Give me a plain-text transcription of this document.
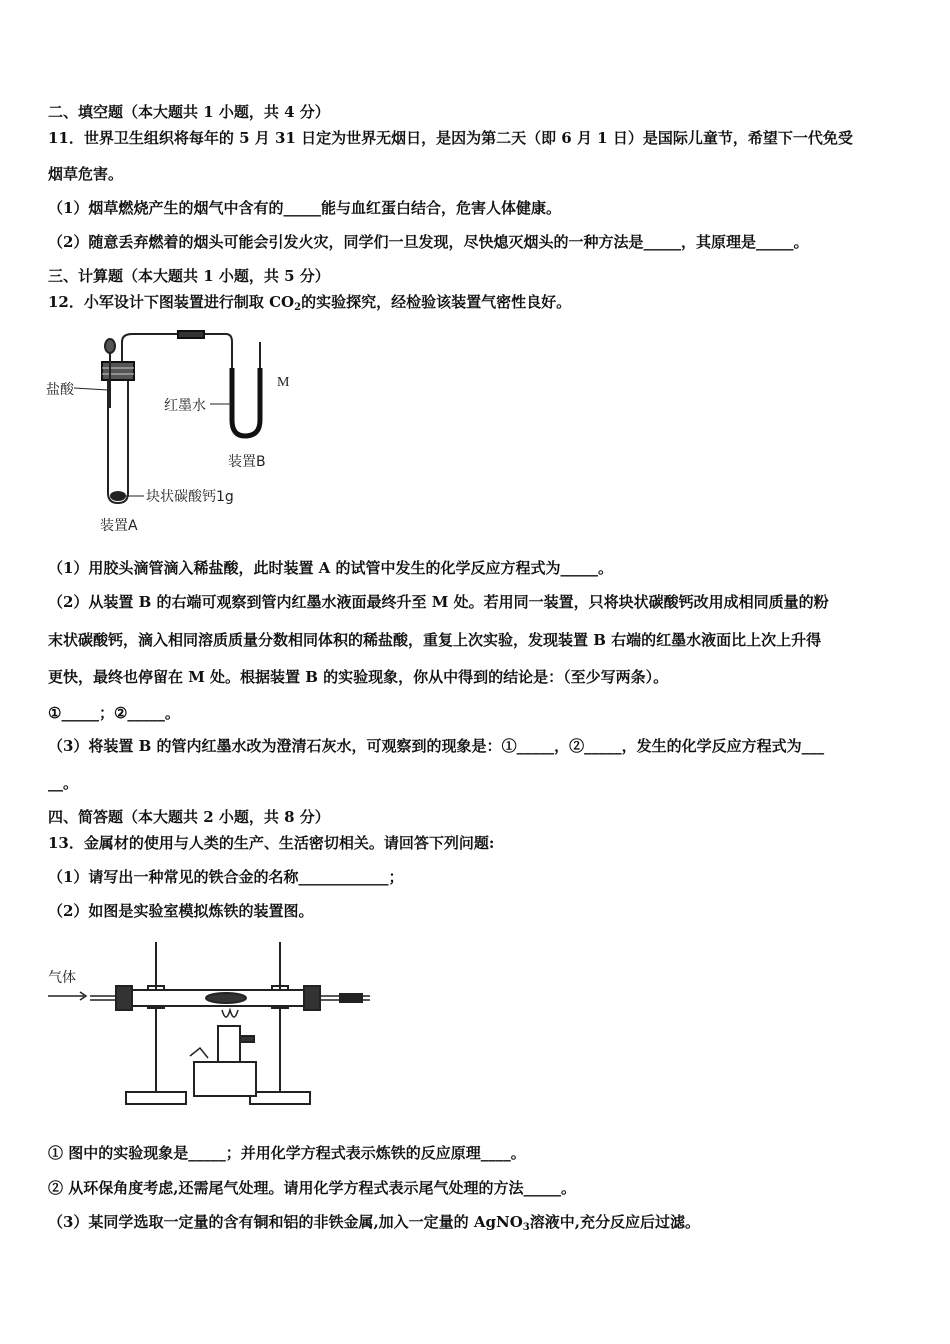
二、填空题（本大题共 1 小题，共 4 分）
11．世界卫生组织将每年的 5 月 31 日定为世界无烟日，是因为第二天（即 6 月 1 日）是国际儿童节，希望下一代免受
烟草危害。
（1）烟草燃烧产生的烟气中含有的_____能与血红蛋白结合，危害人体健康。
（2）随意丢弃燃着的烟头可能会引发火灾，同学们一旦发现，尽快熄灭烟头的一种方法是_____，其原理是_____。
三、计算题（本大题共 1 小题，共 5 分）
12．小军设计下图装置进行制取 $CO_2$的实验探究，经检验该装置气密性良好。
盐酸
红墨水
M
装置B
块状碳酸钙1g
装置A
（1）用胶头滴管滴入稀盐酸，此时装置 A 的试管中发生的化学反应方程式为_____。
（2）从装置 B 的右端可观察到管内红墨水液面最终升至 M 处。若用同一装置，只将块状碳酸钙改用成相同质量的粉
末状碳酸钙，滴入相同溶质质量分数相同体积的稀盐酸，重复上次实验，发现装置 B 右端的红墨水液面比上次上升得
更快，最终也停留在 M 处。根据装置 B 的实验现象，你从中得到的结论是：（至少写两条）。
①_____；②_____。
（3）将装置 B 的管内红墨水改为澄清石灰水，可观察到的现象是：①_____，②_____，发生的化学反应方程式为___
__。
四、简答题（本大题共 2 小题，共 8 分）
13．金属材的使用与人类的生产、生活密切相关。请回答下列问题:
（1）请写出一种常见的铁合金的名称____________；
（2）如图是实验室模拟炼铁的装置图。
气体
① 图中的实验现象是_____；并用化学方程式表示炼铁的反应原理____。
② 从环保角度考虑,还需尾气处理。请用化学方程式表示尾气处理的方法_____。
（3）某同学选取一定量的含有铜和铝的非铁金属,加入一定量的 AgNO$_3$溶液中,充分反应后过滤。
